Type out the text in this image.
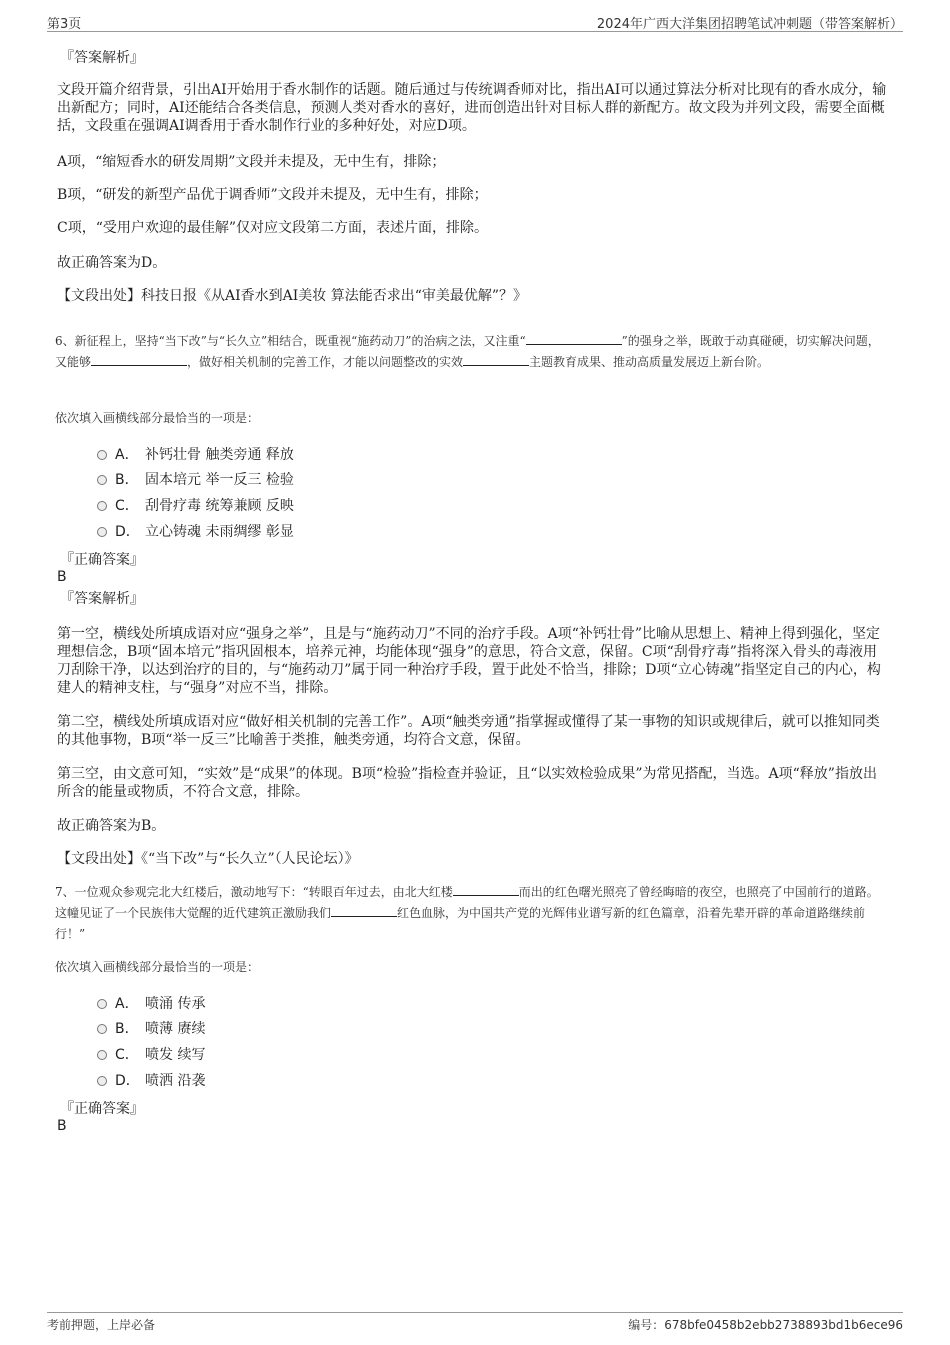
第3页	2024年广西大洋集团招聘笔试冲刺题（带答案解析）
『答案解析』
文段开篇介绍背景，引出AI开始用于香水制作的话题。随后通过与传统调香师对比，指出AI可以通过算法分析对比现有的香水成分，输出新配方；同时，AI还能结合各类信息，预测人类对香水的喜好，进而创造出针对目标人群的新配方。故文段为并列文段，需要全面概括，文段重在强调AI调香用于香水制作行业的多种好处，对应D项。
A项，“缩短香水的研发周期”文段并未提及，无中生有，排除；
B项，“研发的新型产品优于调香师”文段并未提及，无中生有，排除；
C项，“受用户欢迎的最佳解”仅对应文段第二方面，表述片面，排除。
故正确答案为D。
【文段出处】科技日报《从AI香水到AI美妆 算法能否求出“审美最优解”？》
6、新征程上，坚持“当下改”与“长久立”相结合，既重视“施药动刀”的治病之法，又注重“	”的强身之举，既敢于动真碰硬，切实解决问题，又能够	，做好相关机制的完善工作，才能以问题整改的实效	主题教育成果、推动高质量发展迈上新台阶。
依次填入画横线部分最恰当的一项是：
A． 补钙壮骨 触类旁通 释放
B． 固本培元 举一反三 检验
C． 刮骨疗毒 统筹兼顾 反映
D． 立心铸魂 未雨绸缪 彰显
『正确答案』
B
『答案解析』
第一空，横线处所填成语对应“强身之举”，且是与“施药动刀”不同的治疗手段。A项“补钙壮骨”比喻从思想上、精神上得到强化，坚定理想信念，B项“固本培元”指巩固根本，培养元神，均能体现“强身”的意思，符合文意，保留。C项“刮骨疗毒”指将深入骨头的毒液用刀刮除干净，以达到治疗的目的，与“施药动刀”属于同一种治疗手段，置于此处不恰当，排除；D项“立心铸魂”指坚定自己的内心，构建人的精神支柱，与“强身”对应不当，排除。
第二空，横线处所填成语对应“做好相关机制的完善工作”。A项“触类旁通”指掌握或懂得了某一事物的知识或规律后，就可以推知同类的其他事物，B项“举一反三”比喻善于类推，触类旁通，均符合文意，保留。
第三空，由文意可知，“实效”是“成果”的体现。B项“检验”指检查并验证，且“以实效检验成果”为常见搭配，当选。A项“释放”指放出所含的能量或物质，不符合文意，排除。
故正确答案为B。
【文段出处】《“当下改”与“长久立”（人民论坛）》
7、一位观众参观完北大红楼后，激动地写下：“转眼百年过去，由北大红楼	而出的红色曙光照亮了曾经晦暗的夜空，也照亮了中国前行的道路。这幢见证了一个民族伟大觉醒的近代建筑正激励我们	红色血脉，为中国共产党的光辉伟业谱写新的红色篇章，沿着先辈开辟的革命道路继续前行！”
依次填入画横线部分最恰当的一项是：
A． 喷涌 传承
B． 喷薄 赓续
C． 喷发 续写
D． 喷洒 沿袭
『正确答案』
B
考前押题，上岸必备	编号：678bfe0458b2ebb2738893bd1b6ece96
